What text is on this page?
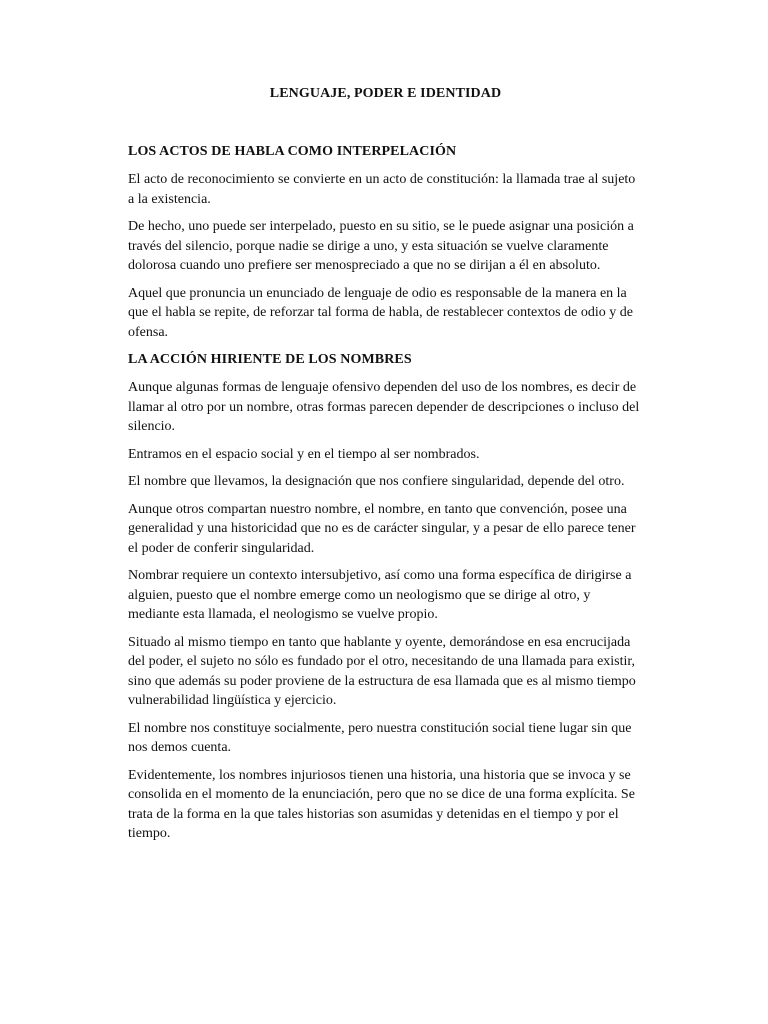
LENGUAJE, PODER E IDENTIDAD
LOS ACTOS DE HABLA COMO INTERPELACIÓN

El acto de reconocimiento se convierte en un acto de constitución: la llamada trae al sujeto a la existencia.

De hecho, uno puede ser interpelado, puesto en su sitio, se le puede asignar una posición a través del silencio, porque nadie se dirige a uno, y esta situación se vuelve claramente dolorosa cuando uno prefiere ser menospreciado a que no se dirijan a él en absoluto.

Aquel que pronuncia un enunciado de lenguaje de odio es responsable de la manera en la que el habla se repite, de reforzar tal forma de habla, de restablecer contextos de odio y de ofensa.

LA ACCIÓN HIRIENTE DE LOS NOMBRES

Aunque algunas formas de lenguaje ofensivo dependen del uso de los nombres, es decir de llamar al otro por un nombre, otras formas parecen depender de descripciones o incluso del silencio.

Entramos en el espacio social y en el tiempo al ser nombrados.

El nombre que llevamos, la designación que nos confiere singularidad, depende del otro.

Aunque otros compartan nuestro nombre, el nombre, en tanto que convención, posee una generalidad y una historicidad que no es de carácter singular, y a pesar de ello parece tener el poder de conferir singularidad.

Nombrar requiere un contexto intersubjetivo, así como una forma específica de dirigirse a alguien, puesto que el nombre emerge como un neologismo que se dirige al otro, y mediante esta llamada, el neologismo se vuelve propio.

Situado al mismo tiempo en tanto que hablante y oyente, demorándose en esa encrucijada del poder, el sujeto no sólo es fundado por el otro, necesitando de una llamada para existir, sino que además su poder proviene de la estructura de esa llamada que es al mismo tiempo vulnerabilidad lingüística y ejercicio.

El nombre nos constituye socialmente, pero nuestra constitución social tiene lugar sin que nos demos cuenta.

Evidentemente, los nombres injuriosos tienen una historia, una historia que se invoca y se consolida en el momento de la enunciación, pero que no se dice de una forma explícita. Se trata de la forma en la que tales historias son asumidas y detenidas en el tiempo y por el tiempo.
